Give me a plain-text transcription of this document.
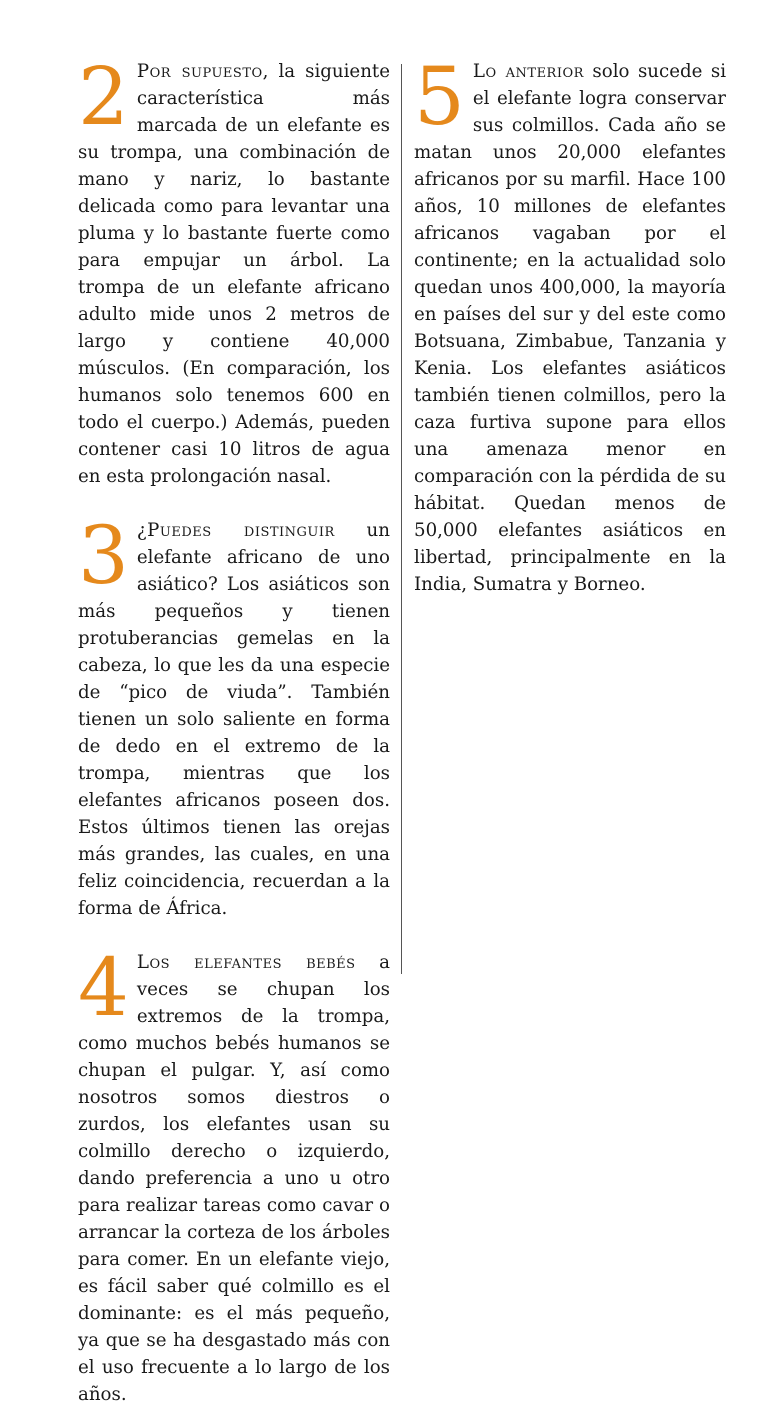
2 Por supuesto, la siguiente característica más marcada de un elefante es su trompa, una combinación de mano y nariz, lo bastante delicada como para levantar una pluma y lo bastante fuerte como para empujar un árbol. La trompa de un elefante africano adulto mide unos 2 metros de largo y contiene 40,000 músculos. (En comparación, los humanos solo tenemos 600 en todo el cuerpo.) Además, pueden contener casi 10 litros de agua en esta prolongación nasal.

3 ¿Puedes distinguir un elefante africano de uno asiático? Los asiáticos son más pequeños y tienen protuberancias gemelas en la cabeza, lo que les da una especie de “pico de viuda”. También tienen un solo saliente en forma de dedo en el extremo de la trompa, mientras que los elefantes africanos poseen dos. Estos últimos tienen las orejas más grandes, las cuales, en una feliz coincidencia, recuerdan a la forma de África.

4 Los elefantes bebés a veces se chupan los extremos de la trompa, como muchos bebés humanos se chupan el pulgar. Y, así como nosotros somos diestros o zurdos, los elefantes usan su colmillo derecho o izquierdo, dando preferencia a uno u otro para realizar tareas como cavar o arrancar la corteza de los árboles para comer. En un elefante viejo, es fácil saber qué colmillo es el dominante: es el más pequeño, ya que se ha desgastado más con el uso frecuente a lo largo de los años.

5 Lo anterior solo sucede si el elefante logra conservar sus colmillos. Cada año se matan unos 20,000 elefantes africanos por su marfil. Hace 100 años, 10 millones de elefantes africanos vagaban por el continente; en la actualidad solo quedan unos 400,000, la mayoría en países del sur y del este como Botsuana, Zimbabue, Tanzania y Kenia. Los elefantes asiáticos también tienen colmillos, pero la caza furtiva supone para ellos una amenaza menor en comparación con la pérdida de su hábitat. Quedan menos de 50,000 elefantes asiáticos en libertad, principalmente en la India, Sumatra y Borneo.
